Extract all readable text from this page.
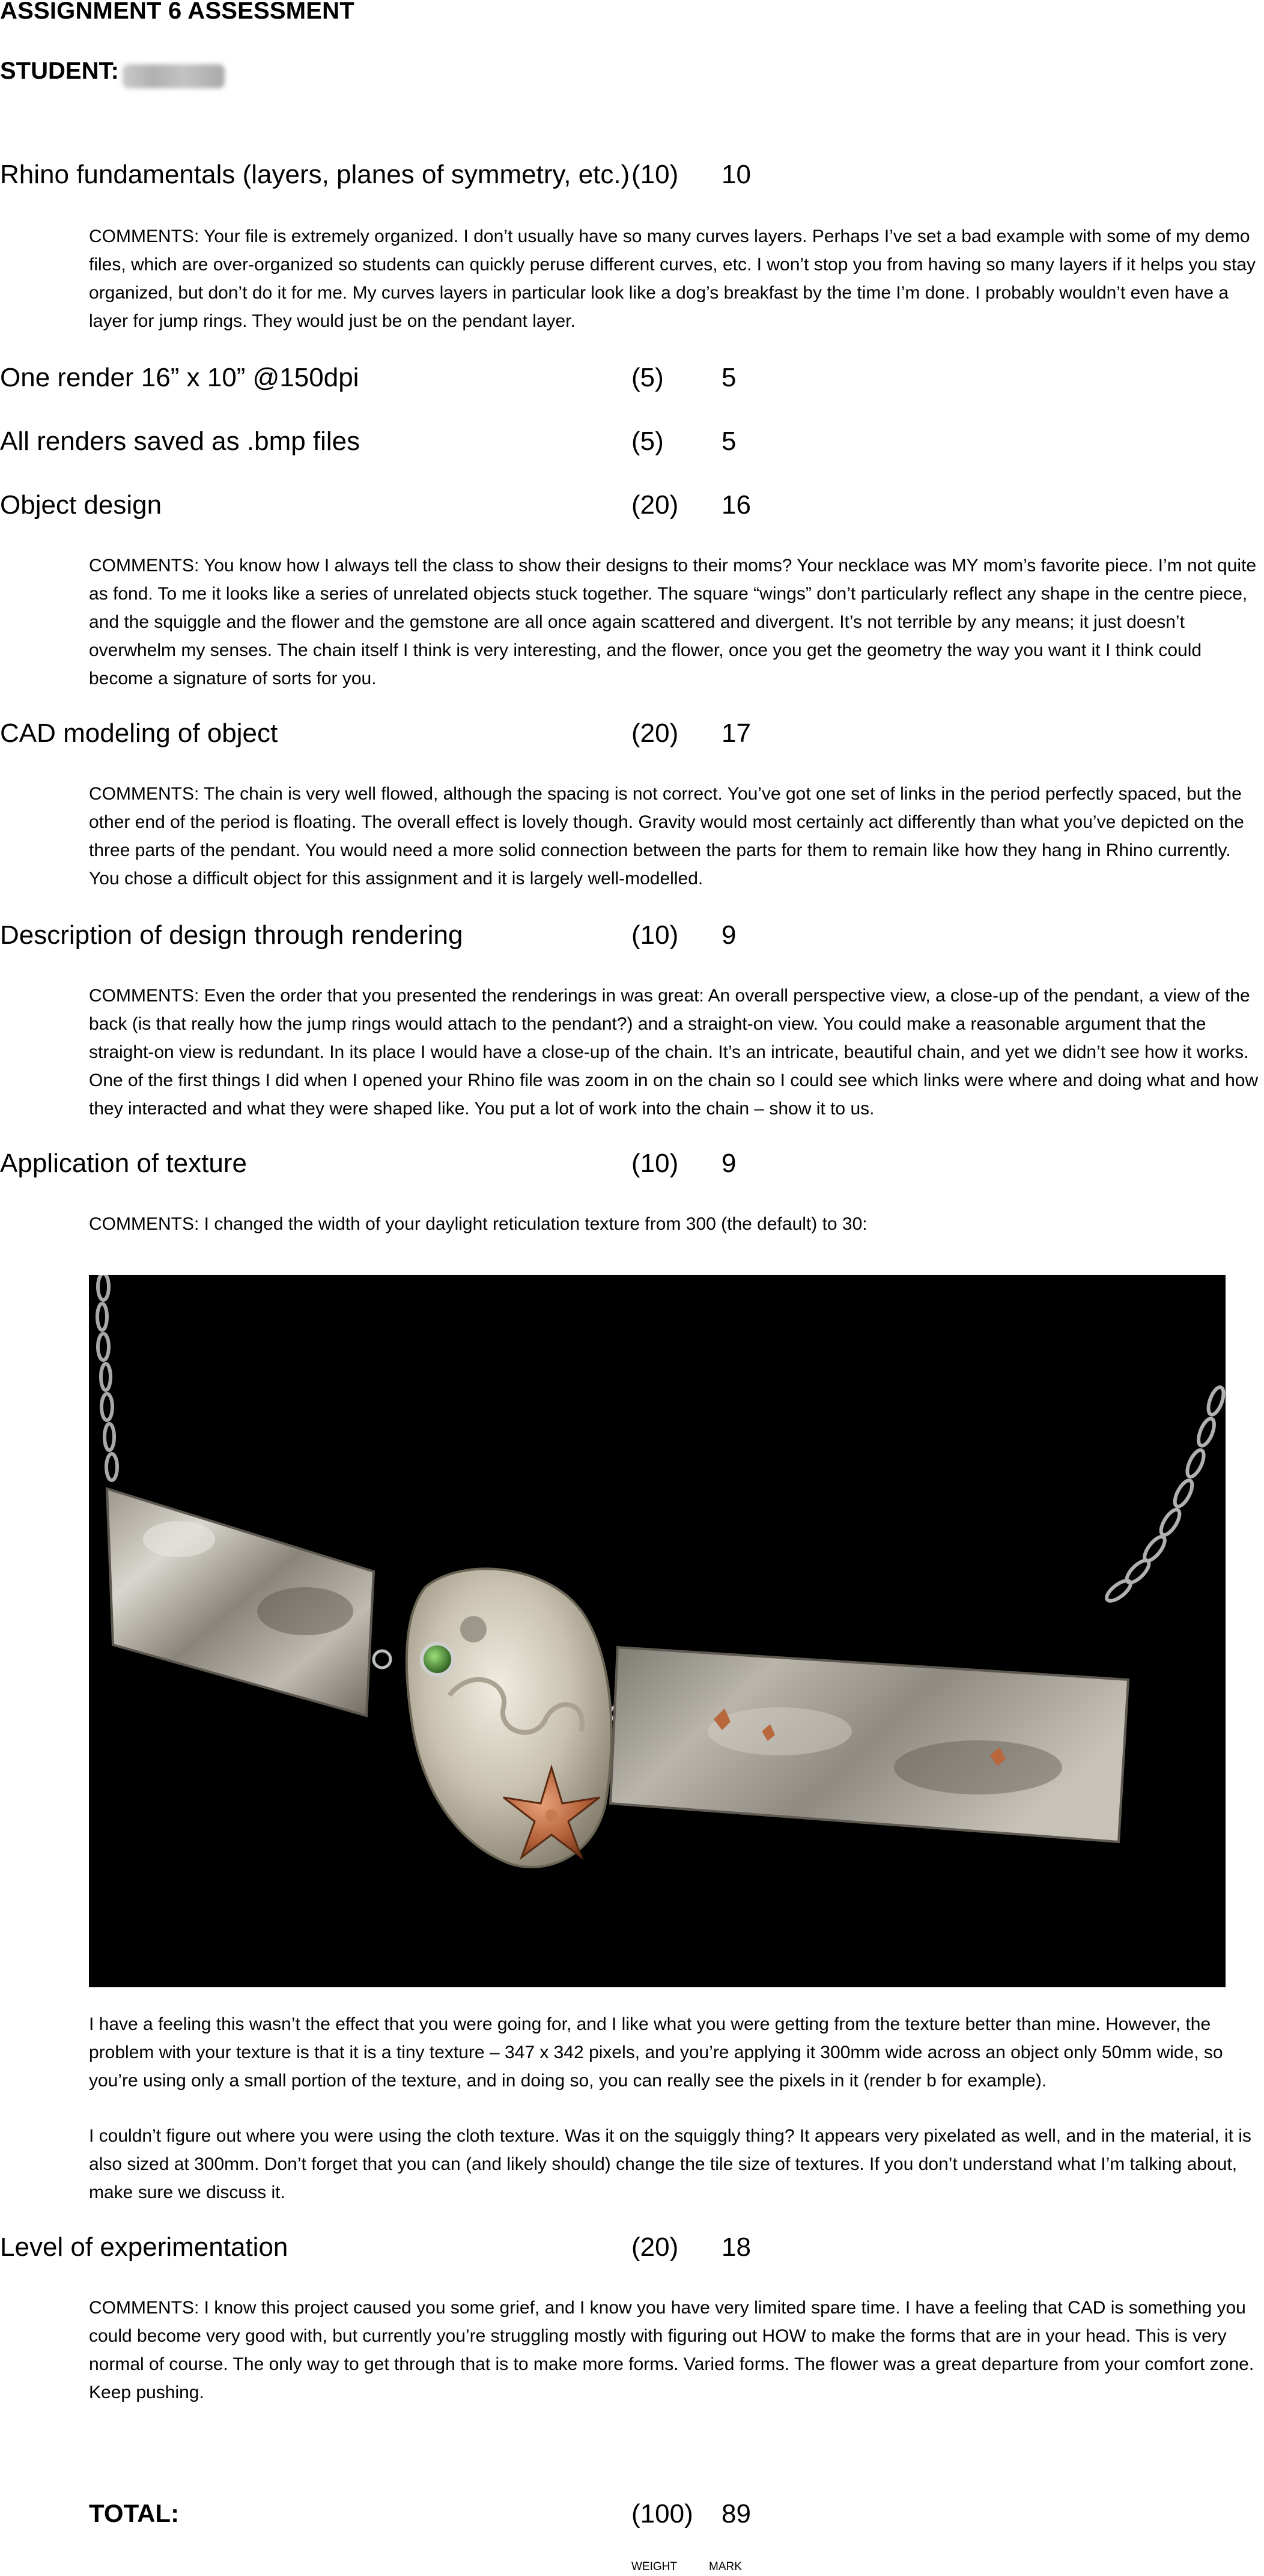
ASSIGNMENT 6 ASSESSMENT
STUDENT:
Rhino fundamentals (layers, planes of symmetry, etc.) (10) 10
COMMENTS: Your file is extremely organized. I don’t usually have so many curves layers. Perhaps I’ve set a bad example with some of my demo files, which are over-organized so students can quickly peruse different curves, etc. I won’t stop you from having so many layers if it helps you stay organized, but don’t do it for me. My curves layers in particular look like a dog’s breakfast by the time I’m done. I probably wouldn’t even have a layer for jump rings. They would just be on the pendant layer.
One render 16” x 10” @150dpi	(5) 5
All renders saved as .bmp files	(5) 5
Object design	(20) 16
COMMENTS: You know how I always tell the class to show their designs to their moms? Your necklace was MY mom’s favorite piece. I’m not quite as fond. To me it looks like a series of unrelated objects stuck together. The square “wings” don’t particularly reflect any shape in the centre piece, and the squiggle and the flower and the gemstone are all once again scattered and divergent. It’s not terrible by any means; it just doesn’t overwhelm my senses. The chain itself I think is very interesting, and the flower, once you get the geometry the way you want it I think could become a signature of sorts for you.
CAD modeling of object	(20) 17
COMMENTS: The chain is very well flowed, although the spacing is not correct. You’ve got one set of links in the period perfectly spaced, but the other end of the period is floating. The overall effect is lovely though. Gravity would most certainly act differently than what you’ve depicted on the three parts of the pendant. You would need a more solid connection between the parts for them to remain like how they hang in Rhino currently. You chose a difficult object for this assignment and it is largely well-modelled.
Description of design through rendering	(10) 9
COMMENTS: Even the order that you presented the renderings in was great: An overall perspective view, a close-up of the pendant, a view of the back (is that really how the jump rings would attach to the pendant?) and a straight-on view. You could make a reasonable argument that the straight-on view is redundant. In its place I would have a close-up of the chain. It’s an intricate, beautiful chain, and yet we didn’t see how it works. One of the first things I did when I opened your Rhino file was zoom in on the chain so I could see which links were where and doing what and how they interacted and what they were shaped like. You put a lot of work into the chain – show it to us.
Application of texture	(10) 9
COMMENTS: I changed the width of your daylight reticulation texture from 300 (the default) to 30:
I have a feeling this wasn’t the effect that you were going for, and I like what you were getting from the texture better than mine. However, the problem with your texture is that it is a tiny texture – 347 x 342 pixels, and you’re applying it 300mm wide across an object only 50mm wide, so you’re using only a small portion of the texture, and in doing so, you can really see the pixels in it (render b for example).
I couldn’t figure out where you were using the cloth texture. Was it on the squiggly thing? It appears very pixelated as well, and in the material, it is also sized at 300mm. Don’t forget that you can (and likely should) change the tile size of textures. If you don’t understand what I’m talking about, make sure we discuss it.
Level of experimentation	(20) 18
COMMENTS: I know this project caused you some grief, and I know you have very limited spare time. I have a feeling that CAD is something you could become very good with, but currently you’re struggling mostly with figuring out HOW to make the forms that are in your head. This is very normal of course. The only way to get through that is to make more forms. Varied forms. The flower was a great departure from your comfort zone. Keep pushing.
TOTAL:	(100) 89
WEIGHT	MARK
